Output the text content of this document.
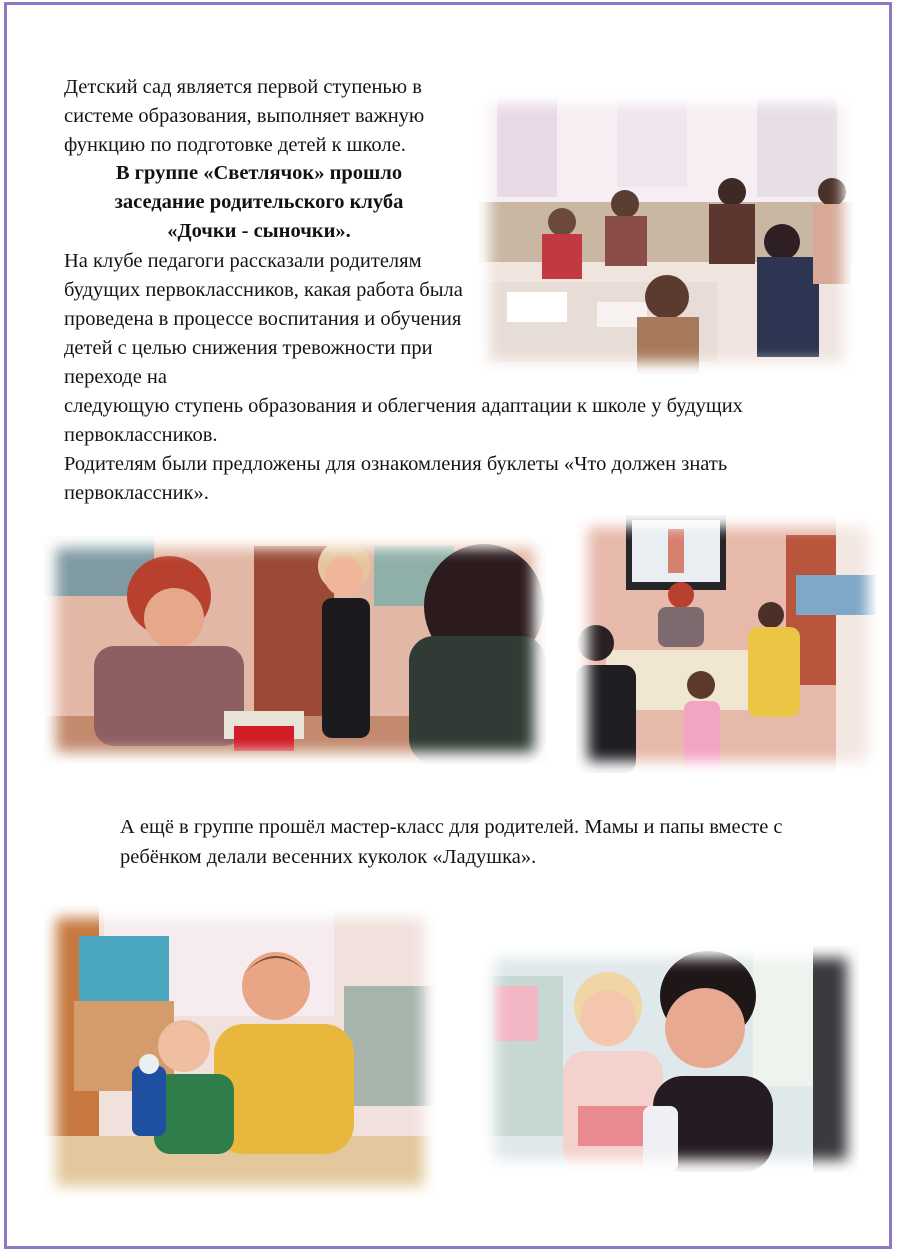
Детский сад является первой ступенью в системе образования, выполняет важную функцию по подготовке детей к школе.

В группе «Светлячок» прошло
заседание родительского клуба
«Дочки - сыночки».

На клубе педагоги рассказали родителям будущих первоклассников, какая работа была проведена в процессе воспитания и обучения детей с целью снижения тревожности при переходе на

следующую ступень образования и облегчения адаптации к школе у будущих первоклассников.

Родителям были предложены для ознакомления буклеты «Что должен знать первоклассник».

А ещё в группе прошёл мастер-класс для родителей. Мамы и папы вместе с ребёнком делали весенних куколок «Ладушка».
